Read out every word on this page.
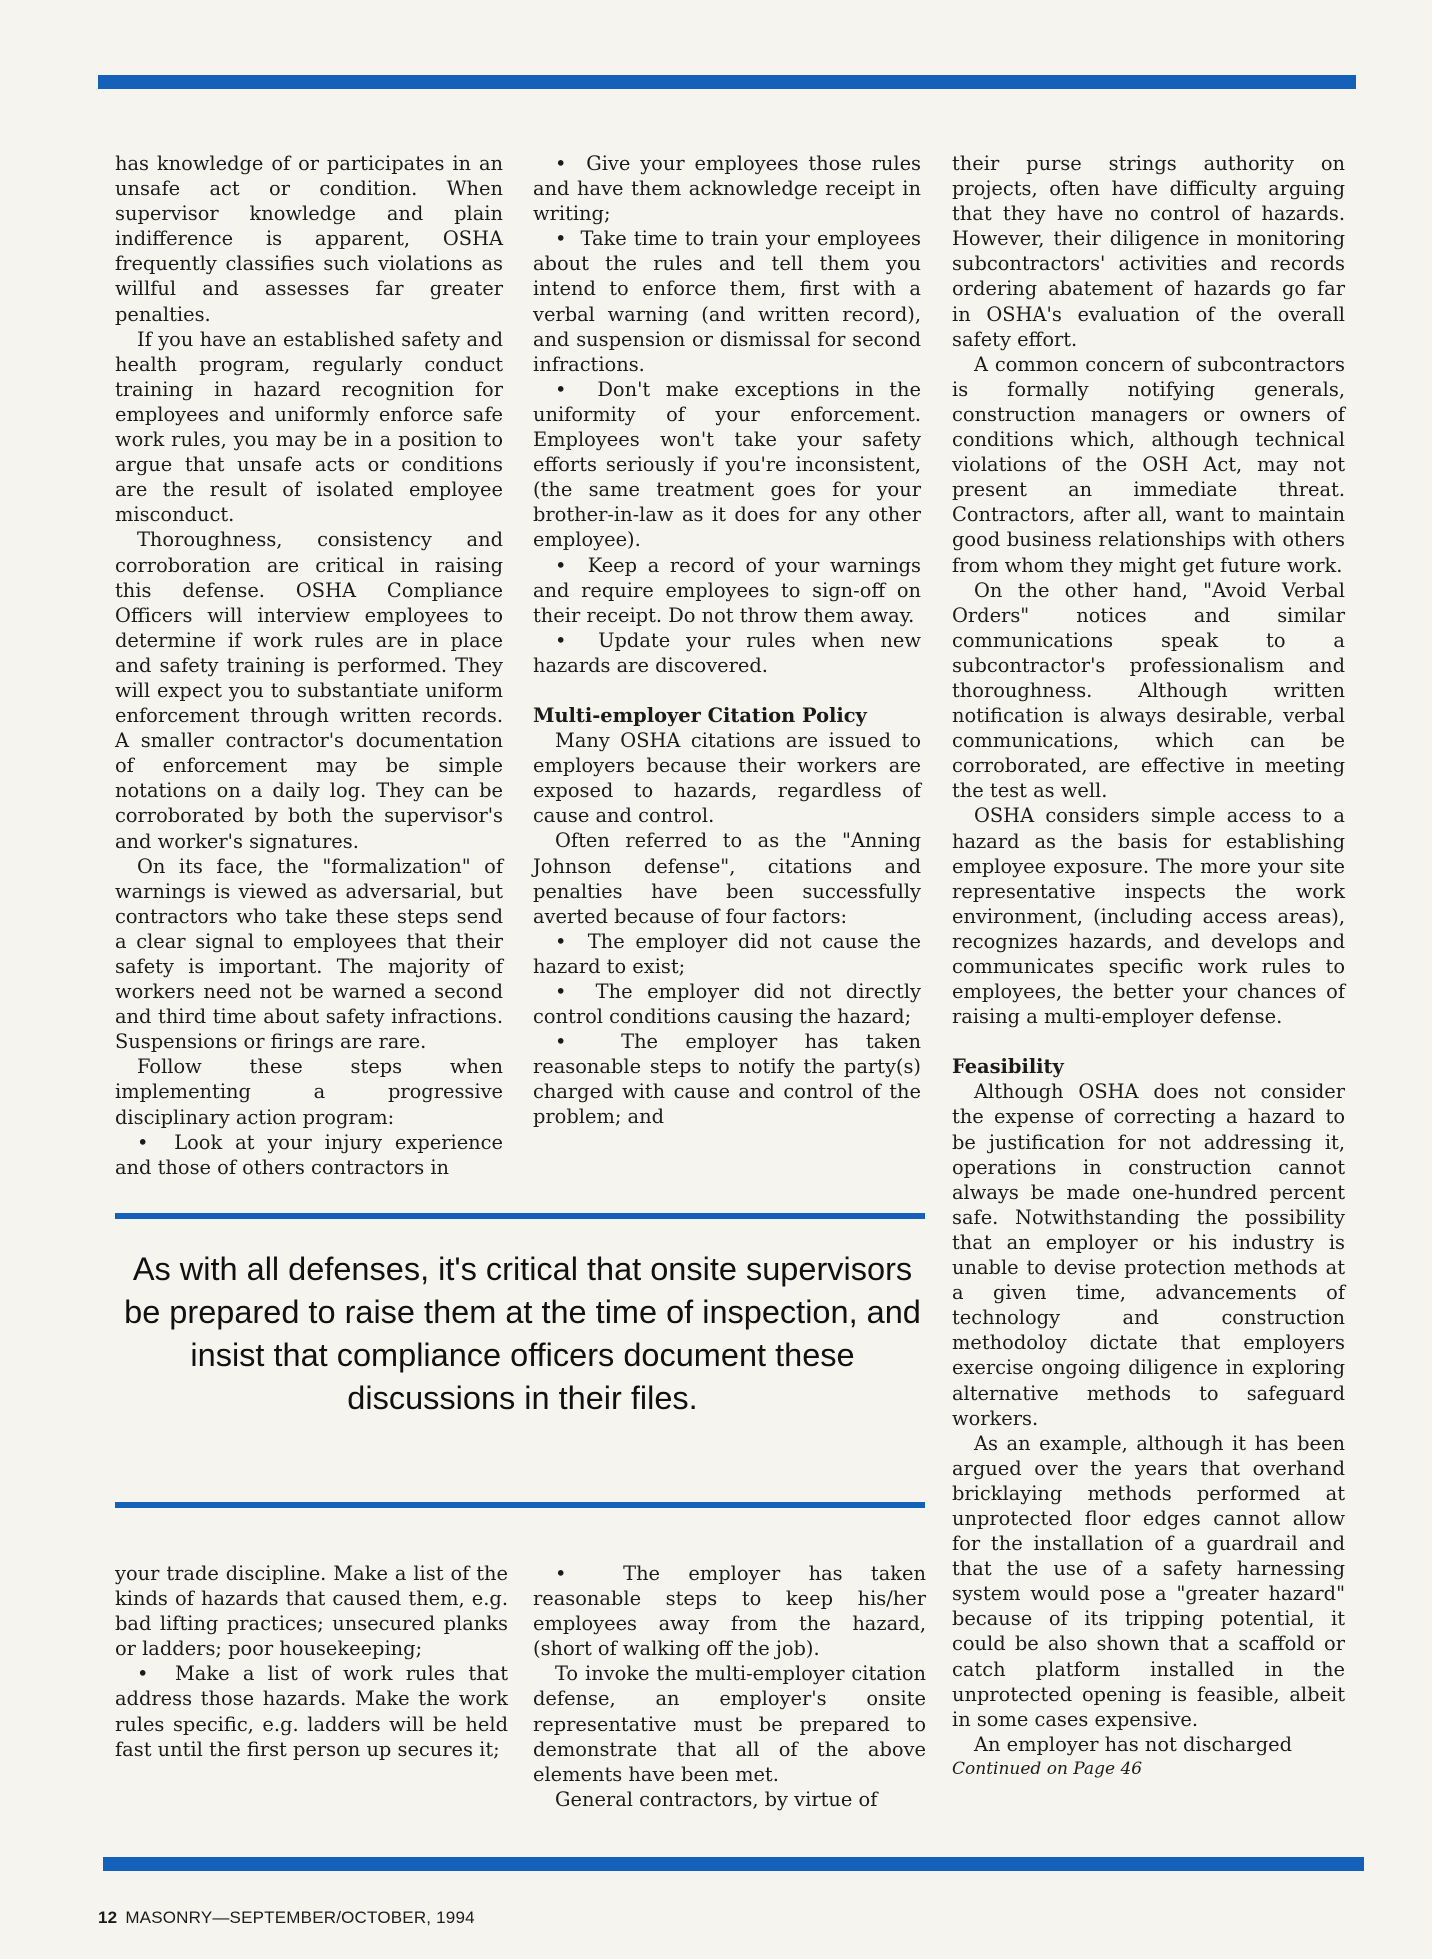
has knowledge of or participates in an unsafe act or condition. When supervisor knowledge and plain indifference is apparent, OSHA frequently classifies such violations as willful and assesses far greater penalties.

If you have an established safety and health program, regularly conduct training in hazard recognition for employees and uniformly enforce safe work rules, you may be in a position to argue that unsafe acts or conditions are the result of isolated employee misconduct.

Thoroughness, consistency and corroboration are critical in raising this defense. OSHA Compliance Officers will interview employees to determine if work rules are in place and safety training is performed. They will expect you to substantiate uniform enforcement through written records. A smaller contractor's documentation of enforcement may be simple notations on a daily log. They can be corroborated by both the supervisor's and worker's signatures.

On its face, the "formalization" of warnings is viewed as adversarial, but contractors who take these steps send a clear signal to employees that their safety is important. The majority of workers need not be warned a second and third time about safety infractions. Suspensions or firings are rare.

Follow these steps when implementing a progressive disciplinary action program:

•  Look at your injury experience and those of others contractors in

•  Give your employees those rules and have them acknowledge receipt in writing;

•  Take time to train your employees about the rules and tell them you intend to enforce them, first with a verbal warning (and written record), and suspension or dismissal for second infractions.

•  Don't make exceptions in the uniformity of your enforcement. Employees won't take your safety efforts seriously if you're inconsistent, (the same treatment goes for your brother-in-law as it does for any other employee).

•  Keep a record of your warnings and require employees to sign-off on their receipt. Do not throw them away.

•  Update your rules when new hazards are discovered.

Multi-employer Citation Policy

Many OSHA citations are issued to employers because their workers are exposed to hazards, regardless of cause and control.

Often referred to as the "Anning Johnson defense", citations and penalties have been successfully averted because of four factors:

•  The employer did not cause the hazard to exist;

•  The employer did not directly control conditions causing the hazard;

•  The employer has taken reasonable steps to notify the party(s) charged with cause and control of the problem; and

their purse strings authority on projects, often have difficulty arguing that they have no control of hazards. However, their diligence in monitoring subcontractors' activities and records ordering abatement of hazards go far in OSHA's evaluation of the overall safety effort.

A common concern of subcontractors is formally notifying generals, construction managers or owners of conditions which, although technical violations of the OSH Act, may not present an immediate threat. Contractors, after all, want to maintain good business relationships with others from whom they might get future work.

On the other hand, "Avoid Verbal Orders" notices and similar communications speak to a subcontractor's professionalism and thoroughness. Although written notification is always desirable, verbal communications, which can be corroborated, are effective in meeting the test as well.

OSHA considers simple access to a hazard as the basis for establishing employee exposure. The more your site representative inspects the work environment, (including access areas), recognizes hazards, and develops and communicates specific work rules to employees, the better your chances of raising a multi-employer defense.

Feasibility

Although OSHA does not consider the expense of correcting a hazard to be justification for not addressing it, operations in construction cannot always be made one-hundred percent safe. Notwithstanding the possibility that an employer or his industry is unable to devise protection methods at a given time, advancements of technology and construction methodoloy dictate that employers exercise ongoing diligence in exploring alternative methods to safeguard workers.

As an example, although it has been argued over the years that overhand bricklaying methods performed at unprotected floor edges cannot allow for the installation of a guardrail and that the use of a safety harnessing system would pose a "greater hazard" because of its tripping potential, it could be also shown that a scaffold or catch platform installed in the unprotected opening is feasible, albeit in some cases expensive.

An employer has not discharged

Continued on Page 46

As with all defenses, it's critical that onsite supervisors be prepared to raise them at the time of inspection, and insist that compliance officers document these discussions in their files.

your trade discipline. Make a list of the kinds of hazards that caused them, e.g. bad lifting practices; unsecured planks or ladders; poor housekeeping;

•  Make a list of work rules that address those hazards. Make the work rules specific, e.g. ladders will be held fast until the first person up secures it;

•  The employer has taken reasonable steps to keep his/her employees away from the hazard, (short of walking off the job).

To invoke the multi-employer citation defense, an employer's onsite representative must be prepared to demonstrate that all of the above elements have been met.

General contractors, by virtue of

12 MASONRY—SEPTEMBER/OCTOBER, 1994
